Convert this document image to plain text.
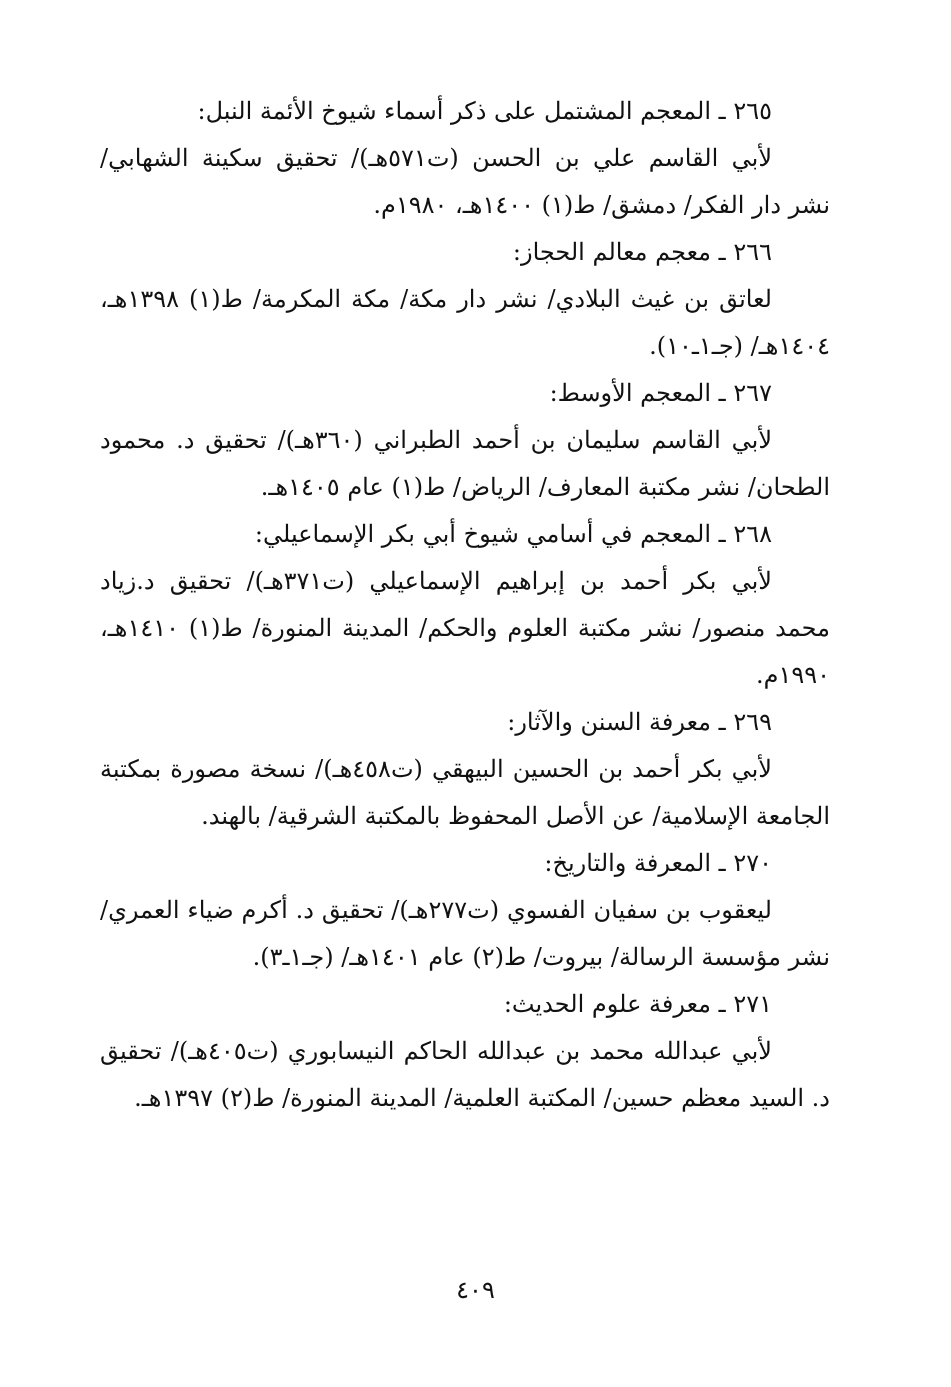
٢٦٥ ـ المعجم المشتمل على ذكر أسماء شيوخ الأئمة النبل:
لأبي القاسم علي بن الحسن (ت٥٧١هـ)/ تحقيق سكينة الشهابي/ نشر دار الفكر/ دمشق/ ط(١) ١٤٠٠هـ، ١٩٨٠م.
٢٦٦ ـ معجم معالم الحجاز:
لعاتق بن غيث البلادي/ نشر دار مكة/ مكة المكرمة/ ط(١) ١٣٩٨هـ، ١٤٠٤هـ/ (جـ١ـ١٠).
٢٦٧ ـ المعجم الأوسط:
لأبي القاسم سليمان بن أحمد الطبراني (٣٦٠هـ)/ تحقيق د. محمود الطحان/ نشر مكتبة المعارف/ الرياض/ ط(١) عام ١٤٠٥هـ.
٢٦٨ ـ المعجم في أسامي شيوخ أبي بكر الإسماعيلي:
لأبي بكر أحمد بن إبراهيم الإسماعيلي (ت٣٧١هـ)/ تحقيق د.زياد محمد منصور/ نشر مكتبة العلوم والحكم/ المدينة المنورة/ ط(١) ١٤١٠هـ، ١٩٩٠م.
٢٦٩ ـ معرفة السنن والآثار:
لأبي بكر أحمد بن الحسين البيهقي (ت٤٥٨هـ)/ نسخة مصورة بمكتبة الجامعة الإسلامية/ عن الأصل المحفوظ بالمكتبة الشرقية/ بالهند.
٢٧٠ ـ المعرفة والتاريخ:
ليعقوب بن سفيان الفسوي (ت٢٧٧هـ)/ تحقيق د. أكرم ضياء العمري/ نشر مؤسسة الرسالة/ بيروت/ ط(٢) عام ١٤٠١هـ/ (جـ١ـ٣).
٢٧١ ـ معرفة علوم الحديث:
لأبي عبدالله محمد بن عبدالله الحاكم النيسابوري (ت٤٠٥هـ)/ تحقيق د. السيد معظم حسين/ المكتبة العلمية/ المدينة المنورة/ ط(٢) ١٣٩٧هـ.
٤٠٩
